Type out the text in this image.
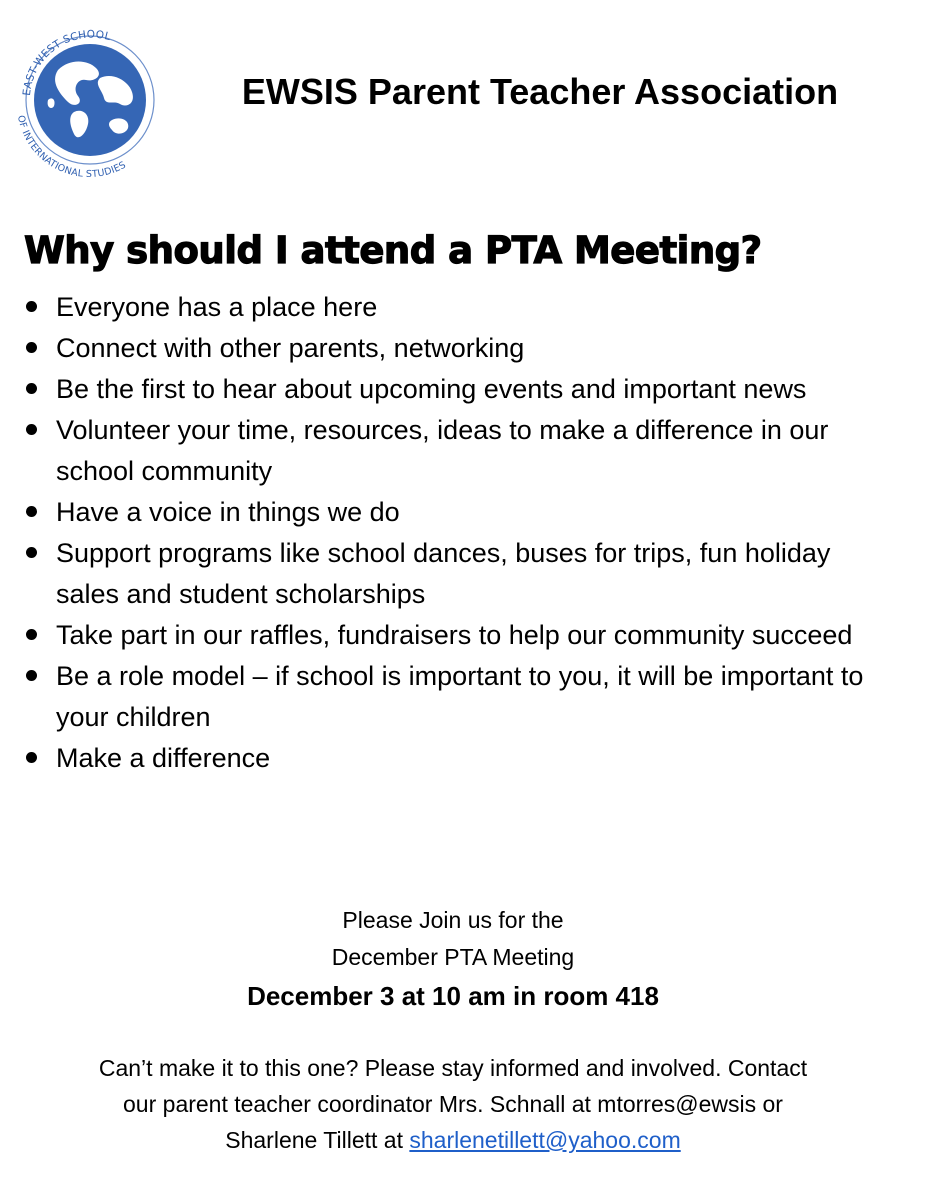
EAST-WEST SCHOOL
OF INTERNATIONAL STUDIES
EWSIS Parent Teacher Association
Why should I attend a PTA Meeting?
Everyone has a place here
Connect with other parents, networking
Be the first to hear about upcoming events and important news
Volunteer your time, resources, ideas to make a difference in our school community
Have a voice in things we do
Support programs like school dances, buses for trips, fun holiday sales and student scholarships
Take part in our raffles, fundraisers to help our community succeed
Be a role model – if school is important to you, it will be important to your children
Make a difference
Please Join us for the
December PTA Meeting
December 3 at 10 am in room 418
Can’t make it to this one? Please stay informed and involved. Contact
our parent teacher coordinator Mrs. Schnall at mtorres@ewsis or
Sharlene Tillett at sharlenetillett@yahoo.com
